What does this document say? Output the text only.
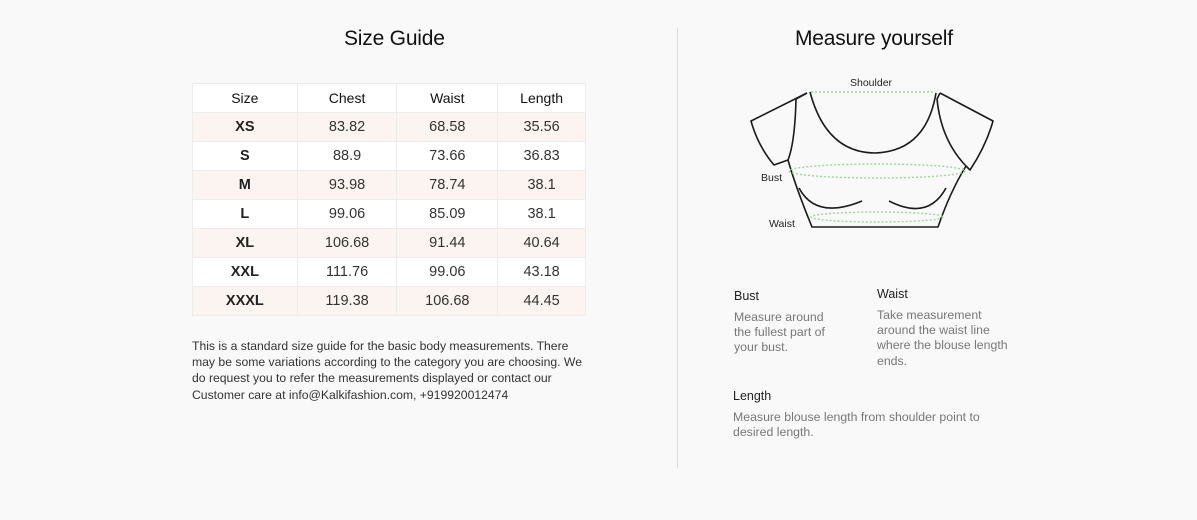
Size Guide
Size	Chest	Waist	Length
XS	83.82	68.58	35.56
S	88.9	73.66	36.83
M	93.98	78.74	38.1
L	99.06	85.09	38.1
XL	106.68	91.44	40.64
XXL	111.76	99.06	43.18
XXXL	119.38	106.68	44.45
This is a standard size guide for the basic body measurements. There may be some variations according to the category you are choosing. We do request you to refer the measurements displayed or contact our Customer care at info@Kalkifashion.com, +919920012474
Measure yourself
Shoulder
Bust
Waist
Bust
Measure around the fullest part of your bust.
Waist
Take measurement around the waist line where the blouse length ends.
Length
Measure blouse length from shoulder point to desired length.
